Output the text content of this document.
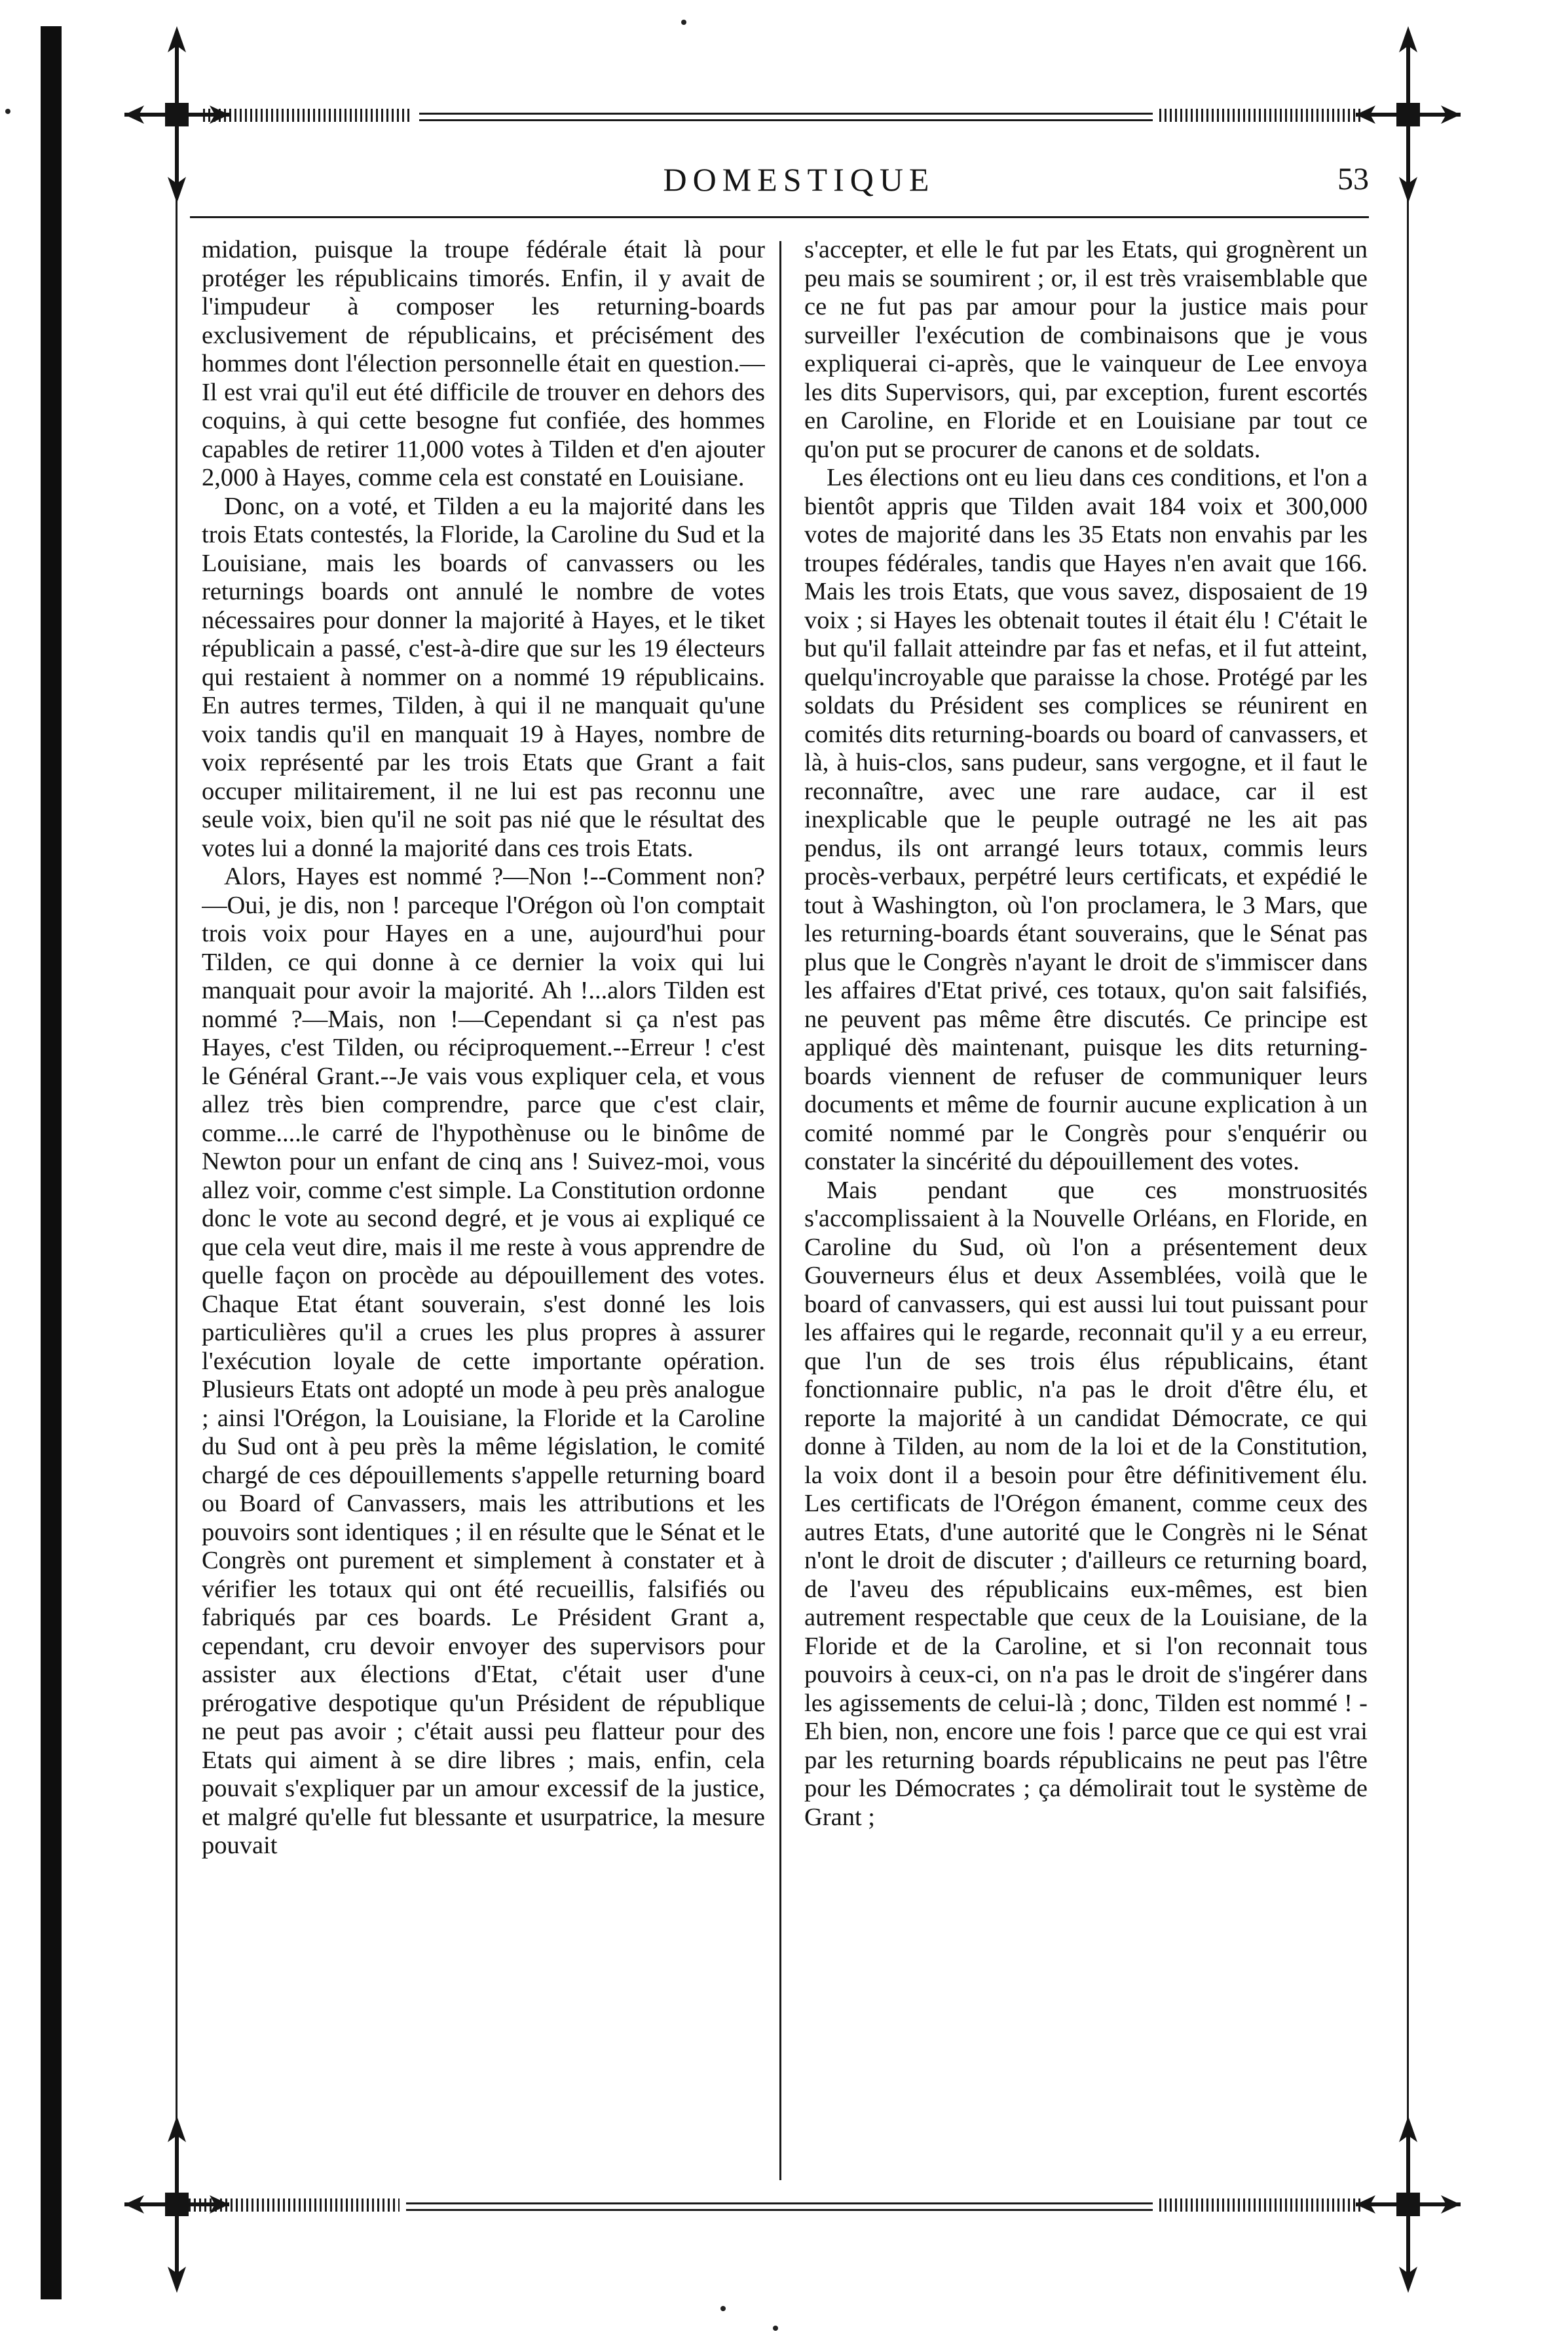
DOMESTIQUE	53

midation, puisque la troupe fédérale était là pour protéger les républicains timorés. Enfin, il y avait de l'impudeur à composer les returning-boards exclusivement de républicains, et précisément des hommes dont l'élection personnelle était en question.— Il est vrai qu'il eut été difficile de trouver en dehors des coquins, à qui cette besogne fut confiée, des hommes capables de retirer 11,000 votes à Tilden et d'en ajouter 2,000 à Hayes, comme cela est constaté en Louisiane.

Donc, on a voté, et Tilden a eu la majorité dans les trois Etats contestés, la Floride, la Caroline du Sud et la Louisiane, mais les boards of canvassers ou les returnings boards ont annulé le nombre de votes nécessaires pour donner la majorité à Hayes, et le tiket républicain a passé, c'est-à-dire que sur les 19 électeurs qui restaient à nommer on a nommé 19 républicains. En autres termes, Tilden, à qui il ne manquait qu'une voix tandis qu'il en manquait 19 à Hayes, nombre de voix représenté par les trois Etats que Grant a fait occuper militairement, il ne lui est pas reconnu une seule voix, bien qu'il ne soit pas nié que le résultat des votes lui a donné la majorité dans ces trois Etats.

Alors, Hayes est nommé ?—Non !--Comment non?—Oui, je dis, non ! parceque l'Orégon où l'on comptait trois voix pour Hayes en a une, aujourd'hui pour Tilden, ce qui donne à ce dernier la voix qui lui manquait pour avoir la majorité. Ah !...alors Tilden est nommé ?—Mais, non !—Cependant si ça n'est pas Hayes, c'est Tilden, ou réciproquement.--Erreur ! c'est le Général Grant.--Je vais vous expliquer cela, et vous allez très bien comprendre, parce que c'est clair, comme....le carré de l'hypothènuse ou le binôme de Newton pour un enfant de cinq ans ! Suivez-moi, vous allez voir, comme c'est simple. La Constitution ordonne donc le vote au second degré, et je vous ai expliqué ce que cela veut dire, mais il me reste à vous apprendre de quelle façon on procède au dépouillement des votes. Chaque Etat étant souverain, s'est donné les lois particulières qu'il a crues les plus propres à assurer l'exécution loyale de cette importante opération. Plusieurs Etats ont adopté un mode à peu près analogue ; ainsi l'Orégon, la Louisiane, la Floride et la Caroline du Sud ont à peu près la même législation, le comité chargé de ces dépouillements s'appelle returning board ou Board of Canvassers, mais les attributions et les pouvoirs sont identiques ; il en résulte que le Sénat et le Congrès ont purement et simplement à constater et à vérifier les totaux qui ont été recueillis, falsifiés ou fabriqués par ces boards. Le Président Grant a, cependant, cru devoir envoyer des supervisors pour assister aux élections d'Etat, c'était user d'une prérogative despotique qu'un Président de république ne peut pas avoir ; c'était aussi peu flatteur pour des Etats qui aiment à se dire libres ; mais, enfin, cela pouvait s'expliquer par un amour excessif de la justice, et malgré qu'elle fut blessante et usurpatrice, la mesure pouvait

s'accepter, et elle le fut par les Etats, qui grognèrent un peu mais se soumirent ; or, il est très vraisemblable que ce ne fut pas par amour pour la justice mais pour surveiller l'exécution de combinaisons que je vous expliquerai ci-après, que le vainqueur de Lee envoya les dits Supervisors, qui, par exception, furent escortés en Caroline, en Floride et en Louisiane par tout ce qu'on put se procurer de canons et de soldats.

Les élections ont eu lieu dans ces conditions, et l'on a bientôt appris que Tilden avait 184 voix et 300,000 votes de majorité dans les 35 Etats non envahis par les troupes fédérales, tandis que Hayes n'en avait que 166. Mais les trois Etats, que vous savez, disposaient de 19 voix ; si Hayes les obtenait toutes il était élu ! C'était le but qu'il fallait atteindre par fas et nefas, et il fut atteint, quelqu'incroyable que paraisse la chose. Protégé par les soldats du Président ses complices se réunirent en comités dits returning-boards ou board of canvassers, et là, à huis-clos, sans pudeur, sans vergogne, et il faut le reconnaître, avec une rare audace, car il est inexplicable que le peuple outragé ne les ait pas pendus, ils ont arrangé leurs totaux, commis leurs procès-verbaux, perpétré leurs certificats, et expédié le tout à Washington, où l'on proclamera, le 3 Mars, que les returning-boards étant souverains, que le Sénat pas plus que le Congrès n'ayant le droit de s'immiscer dans les affaires d'Etat privé, ces totaux, qu'on sait falsifiés, ne peuvent pas même être discutés. Ce principe est appliqué dès maintenant, puisque les dits returning-boards viennent de refuser de communiquer leurs documents et même de fournir aucune explication à un comité nommé par le Congrès pour s'enquérir ou constater la sincérité du dépouillement des votes.

Mais pendant que ces monstruosités s'accomplissaient à la Nouvelle Orléans, en Floride, en Caroline du Sud, où l'on a présentement deux Gouverneurs élus et deux Assemblées, voilà que le board of canvassers, qui est aussi lui tout puissant pour les affaires qui le regarde, reconnait qu'il y a eu erreur, que l'un de ses trois élus républicains, étant fonctionnaire public, n'a pas le droit d'être élu, et reporte la majorité à un candidat Démocrate, ce qui donne à Tilden, au nom de la loi et de la Constitution, la voix dont il a besoin pour être définitivement élu. Les certificats de l'Orégon émanent, comme ceux des autres Etats, d'une autorité que le Congrès ni le Sénat n'ont le droit de discuter ; d'ailleurs ce returning board, de l'aveu des républicains eux-mêmes, est bien autrement respectable que ceux de la Louisiane, de la Floride et de la Caroline, et si l'on reconnait tous pouvoirs à ceux-ci, on n'a pas le droit de s'ingérer dans les agissements de celui-là ; donc, Tilden est nommé ! -Eh bien, non, encore une fois ! parce que ce qui est vrai par les returning boards républicains ne peut pas l'être pour les Démocrates ; ça démolirait tout le système de Grant ;
